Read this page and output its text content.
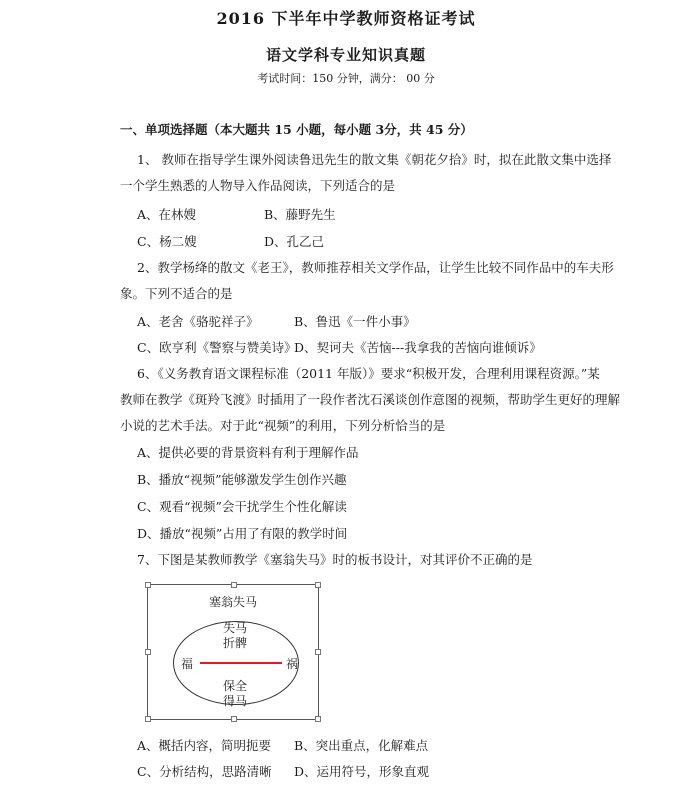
2016 下半年中学教师资格证考试
语文学科专业知识真题
考试时间：150 分钟，满分： 00 分
一、单项选择题（本大题共 15 小题，每小题 3分，共 45 分）
1、 教师在指导学生课外阅读鲁迅先生的散文集《朝花夕拾》时，拟在此散文集中选择
一个学生熟悉的人物导入作品阅读，下列适合的是
A、在林嫂	B、藤野先生
C、杨二嫂	D、孔乙己
2、教学杨绛的散文《老王》，教师推荐相关文学作品，让学生比较不同作品中的车夫形
象。下列不适合的是
A、老舍《骆驼祥子》	B、鲁迅《一件小事》
C、欧亨利《警察与赞美诗》
D、契诃夫《苦恼---我拿我的苦恼向谁倾诉》
6、《义务教育语文课程标准（2011 年版）》要求“积极开发，合理利用课程资源。”某
教师在教学《斑羚飞渡》时插用了一段作者沈石溪谈创作意图的视频，帮助学生更好的理解
小说的艺术手法。对于此“视频”的利用，下列分析恰当的是
A、提供必要的背景资料有利于理解作品
B、播放“视频”能够激发学生创作兴趣
C、观看“视频”会干扰学生个性化解读
D、播放“视频”占用了有限的教学时间
7、下图是某教师教学《塞翁失马》时的板书设计，对其评价不正确的是
塞翁失马
失马
折髀
福	祸
保全
得马
A、概括内容，简明扼要 B、突出重点，化解难点
C、分析结构，思路清晰 D、运用符号，形象直观
